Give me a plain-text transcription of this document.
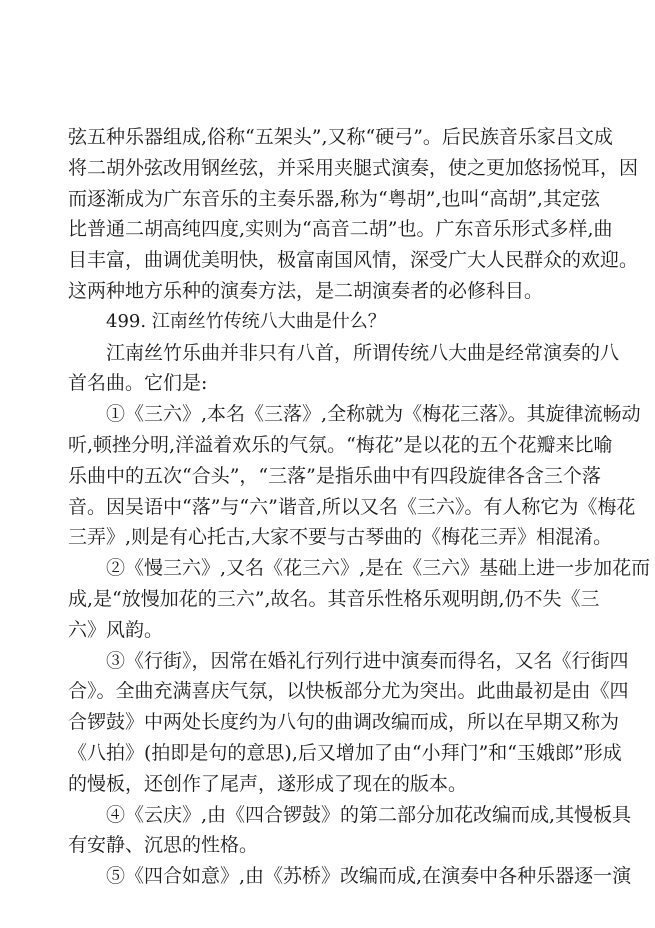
弦五种乐器组成,俗称“五架头”,又称“硬弓”。后民族音乐家吕文成
将二胡外弦改用钢丝弦，并采用夹腿式演奏，使之更加悠扬悦耳，因
而逐渐成为广东音乐的主奏乐器,称为“粤胡”,也叫“高胡”,其定弦
比普通二胡高纯四度,实则为“高音二胡”也。广东音乐形式多样,曲
目丰富，曲调优美明快，极富南国风情，深受广大人民群众的欢迎。
这两种地方乐种的演奏方法，是二胡演奏者的必修科目。
499. 江南丝竹传统八大曲是什么？
江南丝竹乐曲并非只有八首，所谓传统八大曲是经常演奏的八
首名曲。它们是:
①《三六》,本名《三落》,全称就为《梅花三落》。其旋律流畅动
听,顿挫分明,洋溢着欢乐的气氛。“梅花”是以花的五个花瓣来比喻
乐曲中的五次“合头”，“三落”是指乐曲中有四段旋律各含三个落
音。因吴语中“落”与“六”谐音,所以又名《三六》。有人称它为《梅花
三弄》,则是有心托古,大家不要与古琴曲的《梅花三弄》相混淆。
②《慢三六》,又名《花三六》,是在《三六》基础上进一步加花而
成,是“放慢加花的三六”,故名。其音乐性格乐观明朗,仍不失《三
六》风韵。
③《行街》，因常在婚礼行列行进中演奏而得名，又名《行街四
合》。全曲充满喜庆气氛，以快板部分尤为突出。此曲最初是由《四
合锣鼓》中两处长度约为八句的曲调改编而成，所以在早期又称为
《八拍》(拍即是句的意思),后又增加了由“小拜门”和“玉娥郎”形成
的慢板，还创作了尾声，遂形成了现在的版本。
④《云庆》,由《四合锣鼓》的第二部分加花改编而成,其慢板具
有安静、沉思的性格。
⑤《四合如意》,由《苏桥》改编而成,在演奏中各种乐器逐一演
